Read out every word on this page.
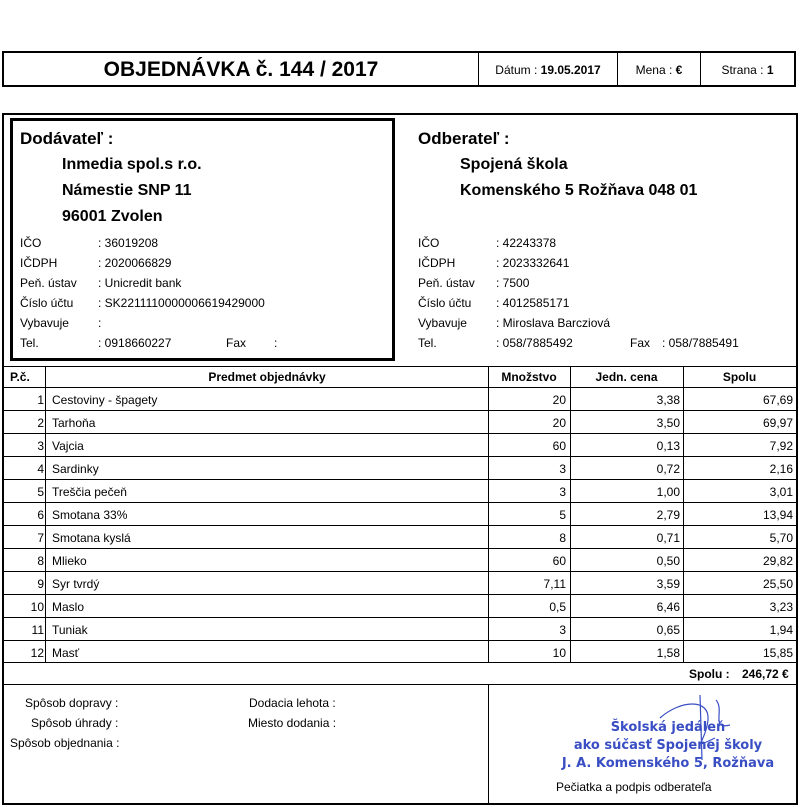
OBJEDNÁVKA č. 144 / 2017	Dátum : 19.05.2017	Mena : €	Strana : 1
Dodávateľ :
Inmedia spol.s r.o.
Námestie SNP 11
96001 Zvolen
IČO	: 36019208
IČDPH	: 2020066829
Peň. ústav : Unicredit bank
Číslo účtu : SK2211110000006619429000
Vybavuje :
Tel.	: 0918660227	Fax :
Odberateľ :
Spojená škola
Komenského 5 Rožňava 048 01
IČO	: 42243378
IČDPH	: 2023332641
Peň. ústav : 7500
Číslo účtu : 4012585171
Vybavuje : Miroslava Barcziová
Tel.	: 058/7885492	Fax : 058/7885491
P.č.	Predmet objednávky	Množstvo	Jedn. cena	Spolu
1 Cestoviny - špagety	20	3,38	67,69
2 Tarhoňa	20	3,50	69,97
3 Vajcia	60	0,13	7,92
4 Sardinky	3	0,72	2,16
5 Treščia pečeň	3	1,00	3,01
6 Smotana 33%	5	2,79	13,94
7 Smotana kyslá	8	0,71	5,70
8 Mlieko	60	0,50	29,82
9 Syr tvrdý	7,11	3,59	25,50
10 Maslo	0,5	6,46	3,23
11 Tuniak	3	0,65	1,94
12 Masť	10	1,58	15,85
Spolu : 246,72 €
Spôsob dopravy :
Spôsob úhrady :
Spôsob objednania :
Dodacia lehota :
Miesto dodania :	Školská jedáleň
ako súčasť Spojenej školy
J. A. Komenského 5, Rožňava
Pečiatka a podpis odberateľa
